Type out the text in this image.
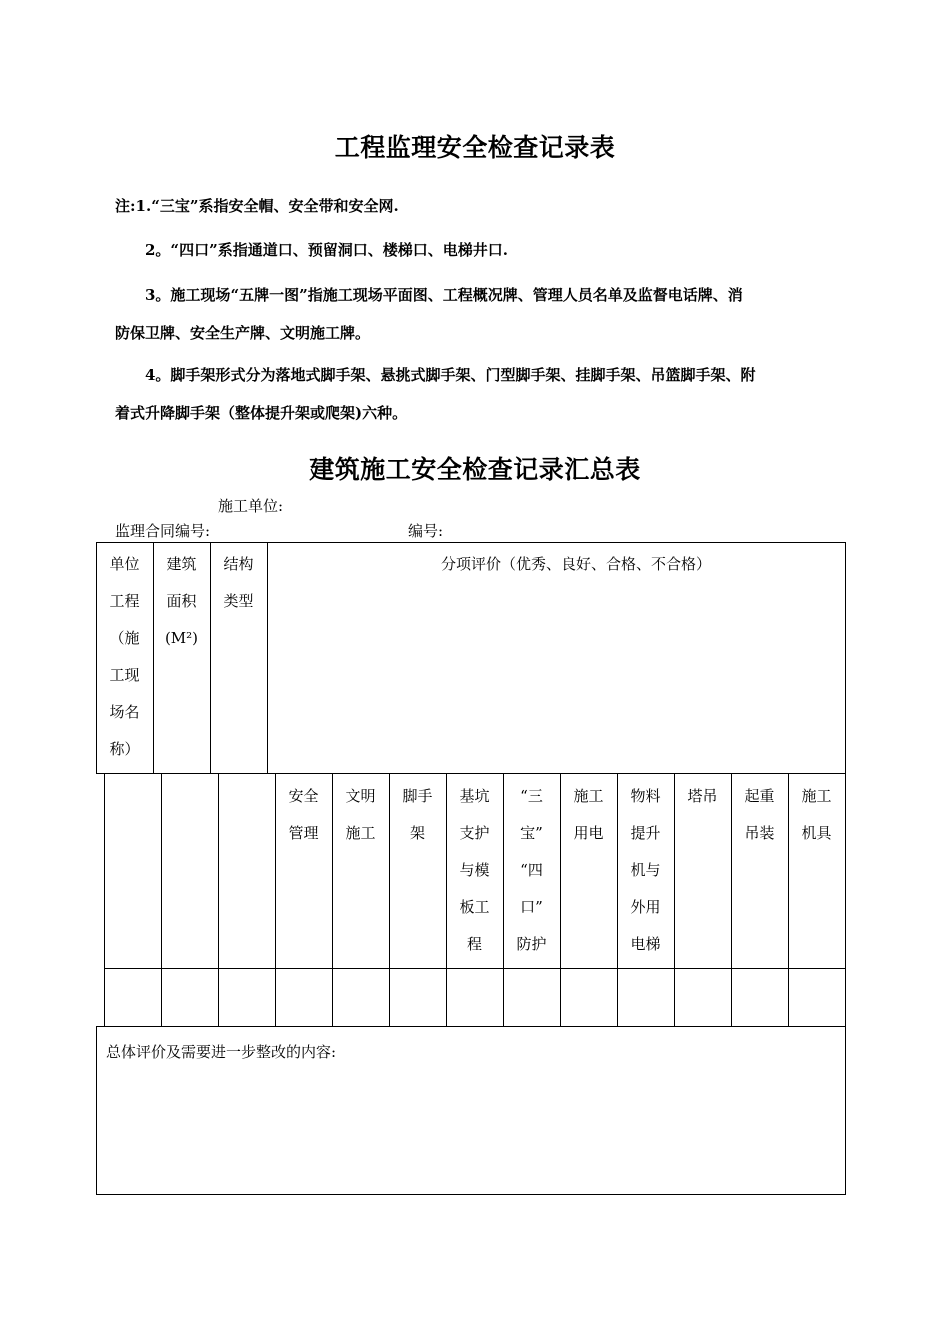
工程监理安全检查记录表
注:1.“三宝”系指安全帽、安全带和安全网.
2。“四口”系指通道口、预留洞口、楼梯口、电梯井口.
3。施工现场“五牌一图”指施工现场平面图、工程概况牌、管理人员名单及监督电话牌、消
防保卫牌、安全生产牌、文明施工牌。
4。脚手架形式分为落地式脚手架、悬挑式脚手架、门型脚手架、挂脚手架、吊篮脚手架、附
着式升降脚手架（整体提升架或爬架)六种。
建筑施工安全检查记录汇总表
施工单位:
监理合同编号:	编号:
单位
工程
（施
工现
场名
称）
建筑
面积
(M²)
结构
类型
分项评价（优秀、良好、合格、不合格）
安全
管理
文明
施工
脚手
架
基坑
支护
与模
板工
程
“三
宝”
“四
口”
防护
施工
用电
物料
提升
机与
外用
电梯
塔吊	起重
吊装
施工
机具
总体评价及需要进一步整改的内容:
